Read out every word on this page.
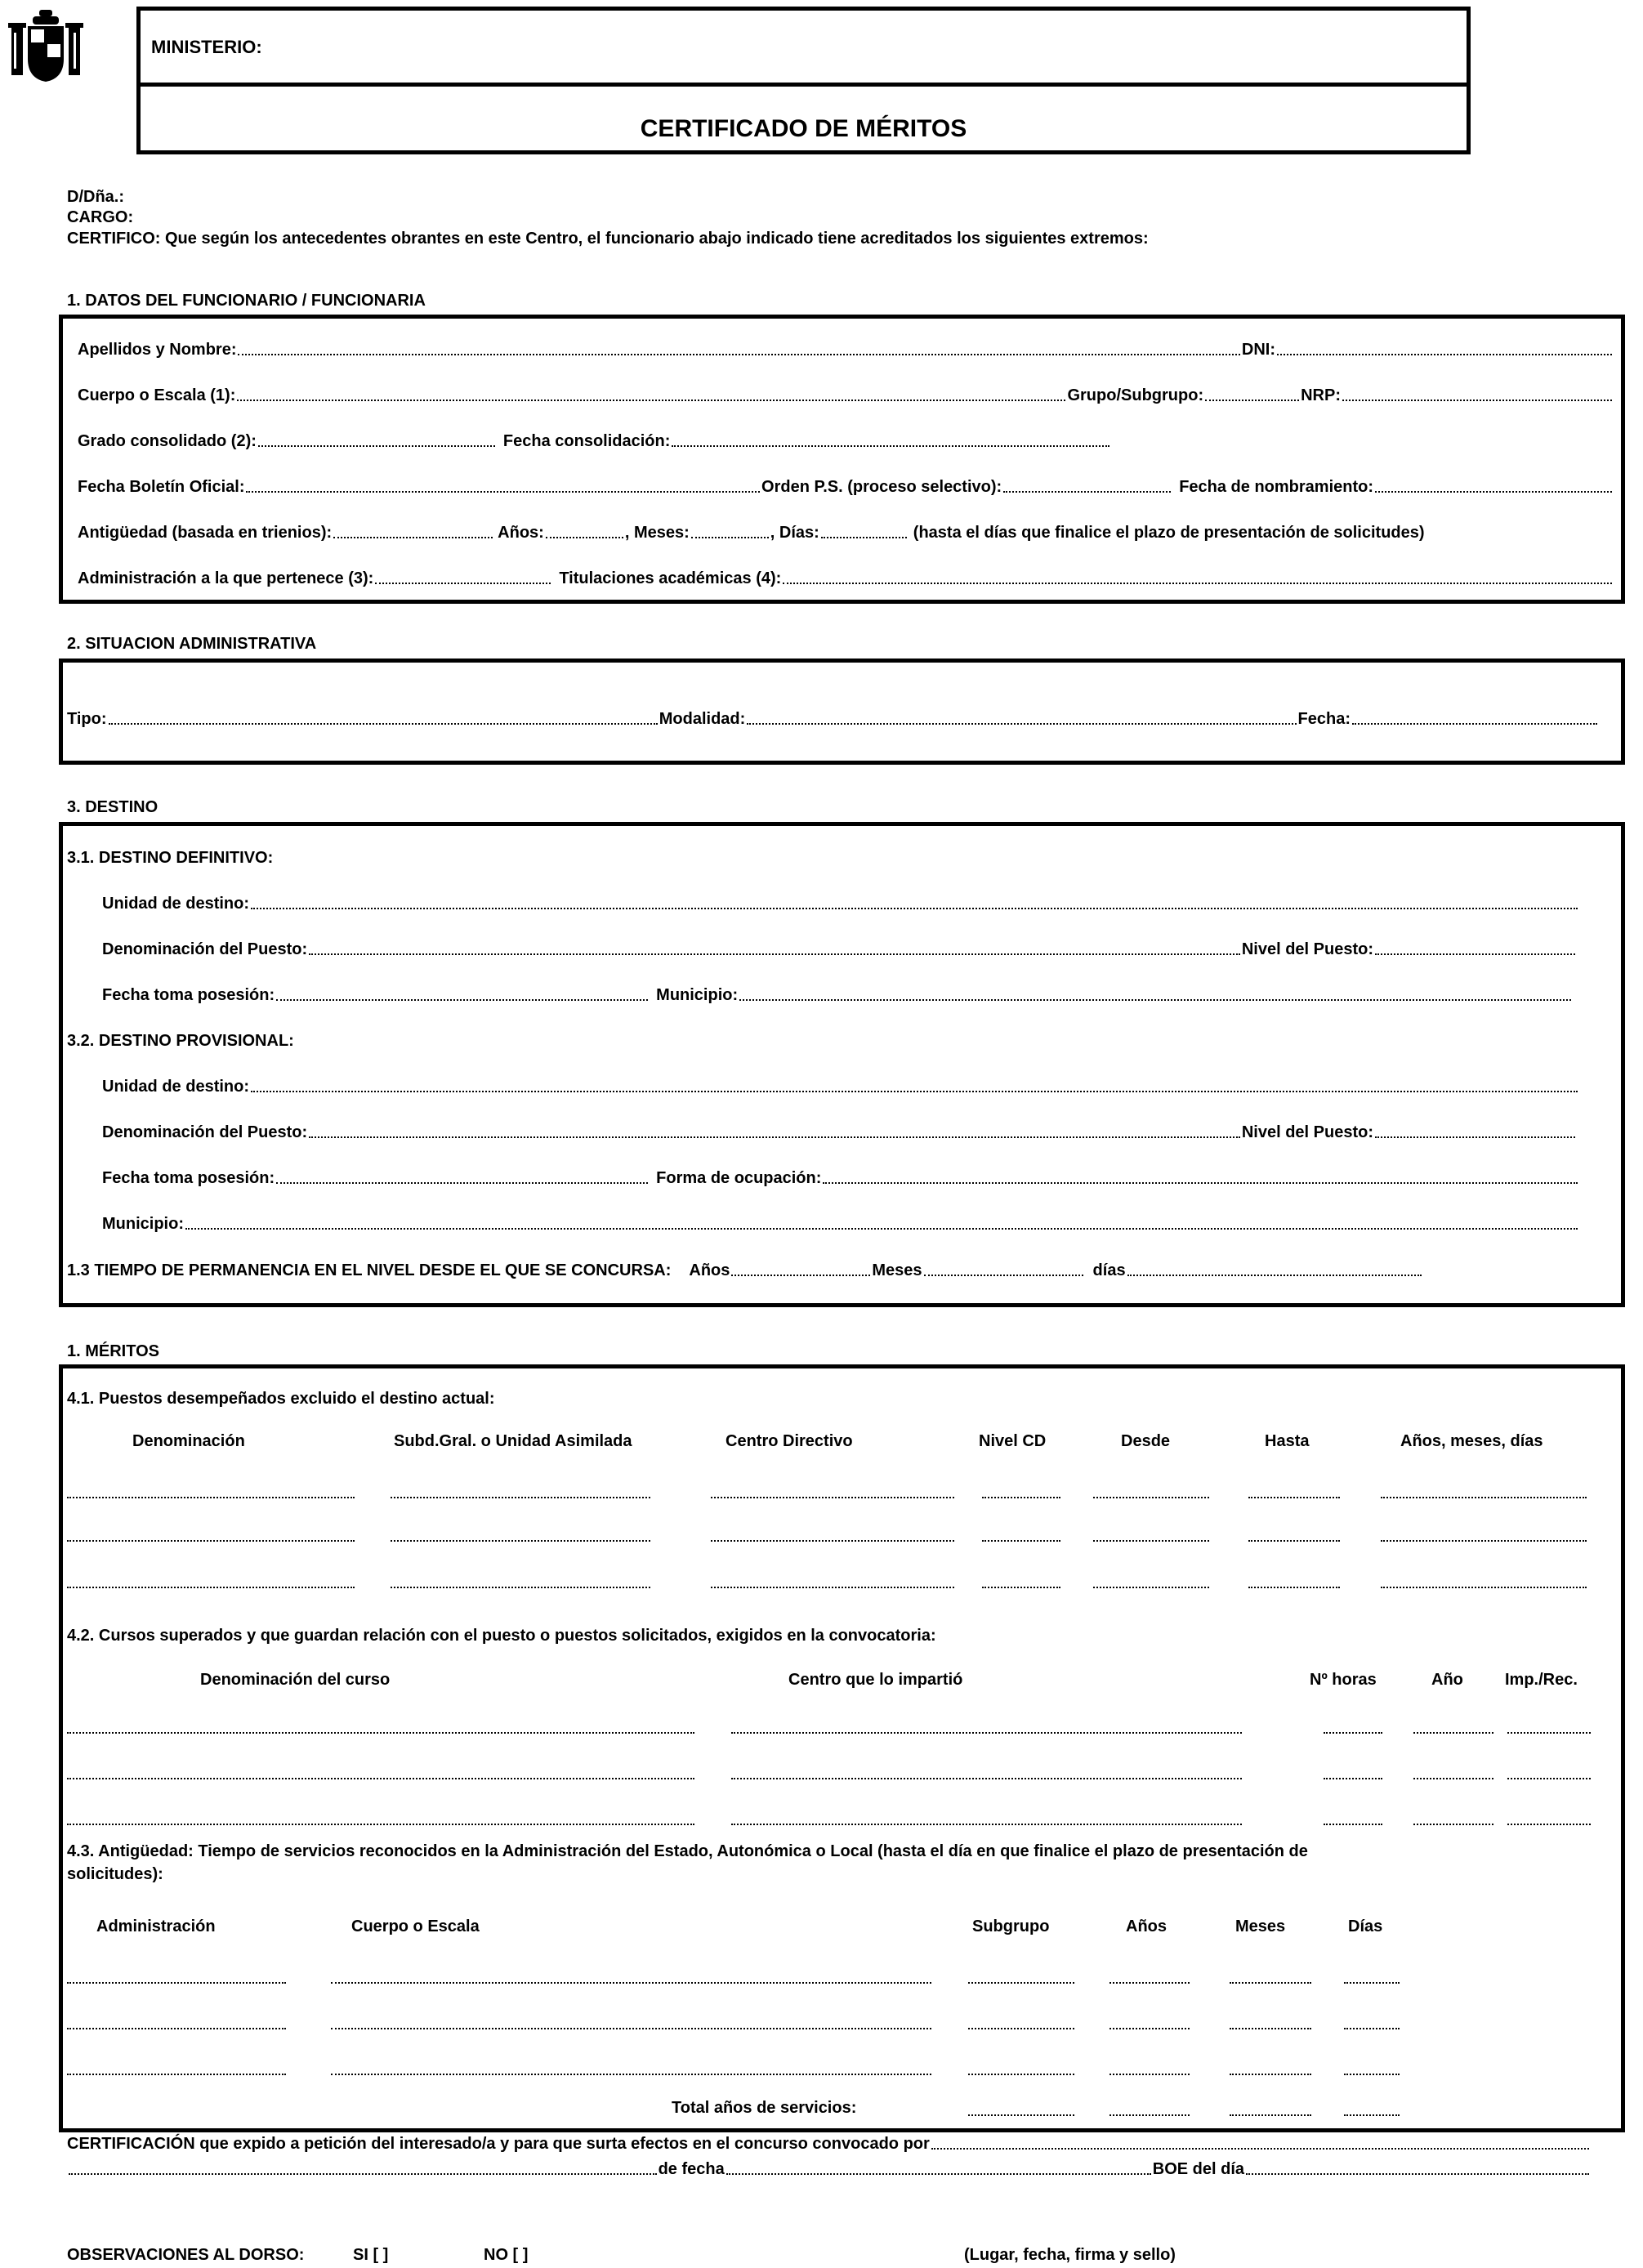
MINISTERIO:
CERTIFICADO DE MÉRITOS
D/Dña.:
CARGO:
CERTIFICO: Que según los antecedentes obrantes en este Centro, el funcionario abajo indicado tiene acreditados los siguientes extremos:
1. DATOS DEL FUNCIONARIO / FUNCIONARIA
Apellidos y Nombre:	DNI:
Cuerpo o Escala (1):	Grupo/Subgrupo:	NRP:
Grado consolidado (2):	Fecha consolidación:
Fecha Boletín Oficial:	Orden P.S. (proceso selectivo):	Fecha de nombramiento:
Antigüedad (basada en trienios):	Años:	, Meses:	, Días:	(hasta el días que finalice el plazo de presentación de solicitudes)
Administración a la que pertenece (3):	Titulaciones académicas (4):
2. SITUACION ADMINISTRATIVA
Tipo:	Modalidad:	Fecha:
3. DESTINO
3.1. DESTINO DEFINITIVO:
Unidad de destino:
Denominación del Puesto:	Nivel del Puesto:
Fecha toma posesión:	Municipio:
3.2. DESTINO PROVISIONAL:
Unidad de destino:
Denominación del Puesto:	Nivel del Puesto:
Fecha toma posesión:	Forma de ocupación:
Municipio:
1.3 TIEMPO DE PERMANENCIA EN EL NIVEL DESDE EL QUE SE CONCURSA: Años	Meses	días
1. MÉRITOS
4.1. Puestos desempeñados excluido el destino actual:
Denominación	Subd.Gral. o Unidad Asimilada	Centro Directivo	Nivel CD	Desde	Hasta	Años, meses, días
4.2. Cursos superados y que guardan relación con el puesto o puestos solicitados, exigidos en la convocatoria:
Denominación del curso	Centro que lo impartió	Nº horas	Año	Imp./Rec.
4.3. Antigüedad: Tiempo de servicios reconocidos en la Administración del Estado, Autonómica o Local (hasta el día en que finalice el plazo de presentación de
solicitudes):
Administración	Cuerpo o Escala	Subgrupo	Años	Meses	Días
Total años de servicios:
CERTIFICACIÓN que expido a petición del interesado/a y para que surta efectos en el concurso convocado por
de fecha	BOE del día
OBSERVACIONES AL DORSO:	SI [ ]	NO [ ]	(Lugar, fecha, firma y sello)
